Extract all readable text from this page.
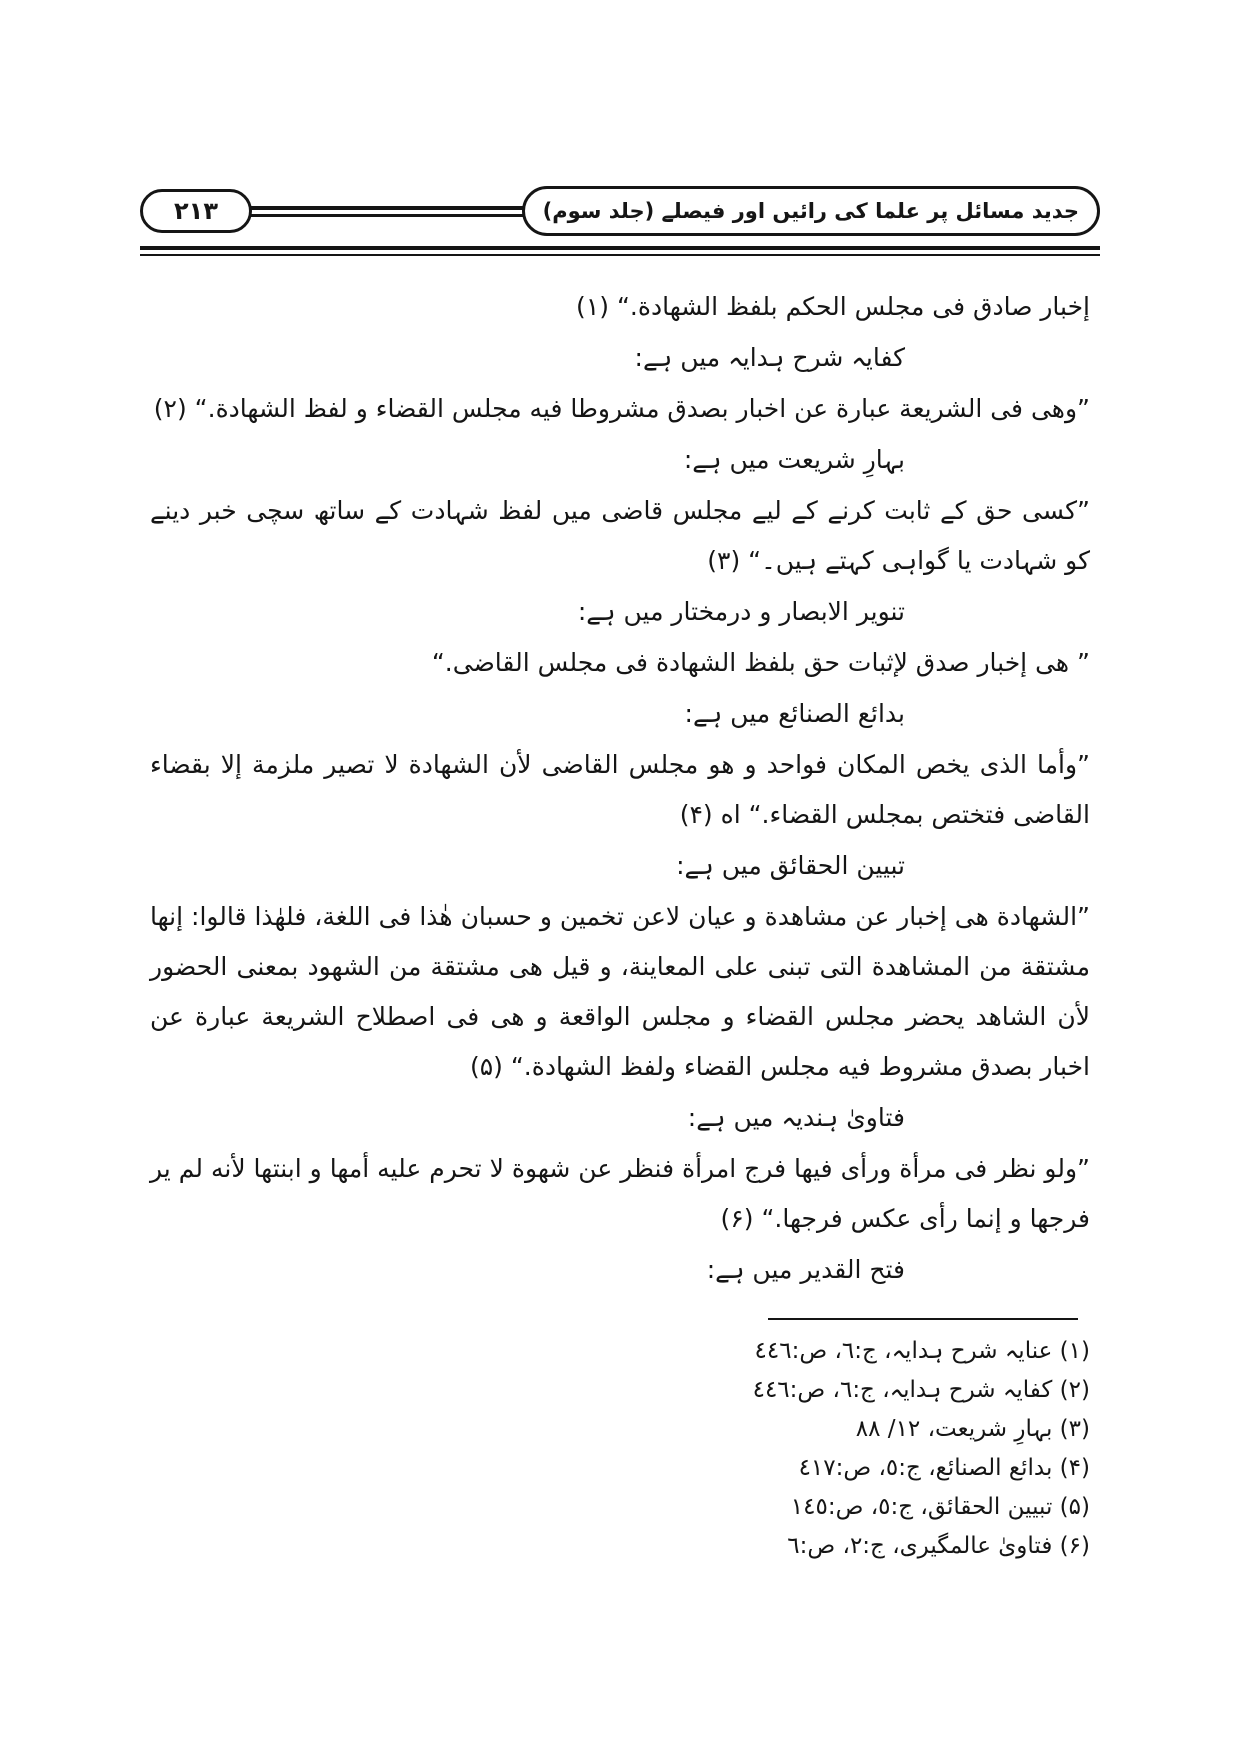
۲۱۳	جدید مسائل پر علما کی رائیں اور فیصلے (جلد سوم)

إخبار صادق فى مجلس الحكم بلفظ الشهادة.“ (۱)

کفایہ شرح ہدایہ میں ہے:

”وهى فى الشريعة عبارة عن اخبار بصدق مشروطا فيه مجلس القضاء و لفظ الشهادة.“ (۲)

بہارِ شریعت میں ہے:

”کسی حق کے ثابت کرنے کے لیے مجلس قاضی میں لفظ شہادت کے ساتھ سچی خبر دینے کو شہادت یا گواہی کہتے ہیں۔“ (۳)

تنویر الابصار و درمختار میں ہے:

” هى إخبار صدق لإثبات حق بلفظ الشهادة فى مجلس القاضى.“

بدائع الصنائع میں ہے:

”وأما الذى يخص المكان فواحد و هو مجلس القاضى لأن الشهادة لا تصير ملزمة إلا بقضاء القاضى فتختص بمجلس القضاء.“ اه (۴)

تبیین الحقائق میں ہے:

”الشهادة هى إخبار عن مشاهدة و عيان لاعن تخمين و حسبان هٰذا فى اللغة، فلهٰذا قالوا: إنها مشتقة من المشاهدة التى تبنى على المعاينة، و قيل هى مشتقة من الشهود بمعنى الحضور لأن الشاهد يحضر مجلس القضاء و مجلس الواقعة و هى فى اصطلاح الشريعة عبارة عن اخبار بصدق مشروط فيه مجلس القضاء ولفظ الشهادة.“ (۵)

فتاویٰ ہندیہ میں ہے:

”ولو نظر فى مرأة ورأى فيها فرج امرأة فنظر عن شهوة لا تحرم عليه أمها و ابنتها لأنه لم ير فرجها و إنما رأى عكس فرجها.“ (۶)

فتح القدیر میں ہے:

(۱) عنایہ شرح ہدایہ، ج:٦، ص:٤٤٦
(۲) کفایہ شرح ہدایہ، ج:٦، ص:٤٤٦
(۳) بہارِ شریعت، ١٢/ ٨٨
(۴) بدائع الصنائع، ج:٥، ص:٤١٧
(۵) تبیین الحقائق، ج:٥، ص:١٤٥
(۶) فتاویٰ عالمگیری، ج:٢، ص:٦
